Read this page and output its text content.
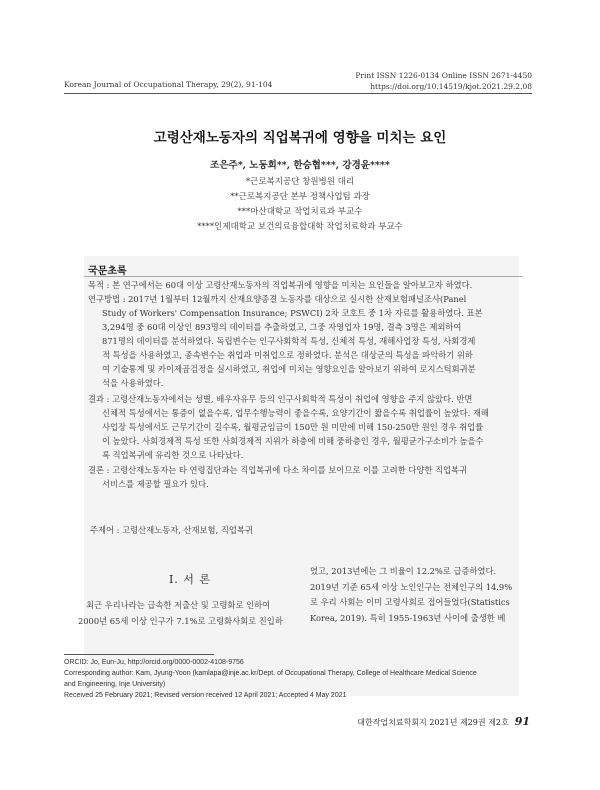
Korean Journal of Occupational Therapy, 29(2), 91-104
Print ISSN 1226-0134 Online ISSN 2671-4450
https://doi.org/10.14519/kjot.2021.29.2.08
고령산재노동자의 직업복귀에 영향을 미치는 요인
조은주*, 노동희**, 한승협***, 강경윤****
*근로복지공단 창원병원 대리
**근로복지공단 본부 정책사업팀 과장
***마산대학교 작업치료과 부교수
****인제대학교 보건의료융합대학 작업치료학과 부교수
국문초록
목적 : 본 연구에서는 60대 이상 고령산재노동자의 직업복귀에 영향을 미치는 요인들을 알아보고자 하였다.
연구방법 : 2017년 1월부터 12월까지 산재요양종결 노동자를 대상으로 실시한 산재보험패널조사(Panel
Study of Workers' Compensation Insurance; PSWCI) 2차 코호트 중 1차 자료를 활용하였다. 표본
3,294명 중 60대 이상인 893명의 데이터를 추출하였고, 그중 자영업자 19명, 결측 3명은 제외하여
871명의 데이터를 분석하였다. 독립변수는 인구사회학적 특성, 신체적 특성, 재해사업장 특성, 사회경제
적 특성을 사용하였고, 종속변수는 취업과 미취업으로 정하였다. 분석은 대상군의 특성을 파악하기 위하
여 기술통계 및 카이제곱검정을 실시하였고, 취업에 미치는 영향요인을 알아보기 위하여 로지스틱회귀분
석을 사용하였다.
결과 : 고령산재노동자에서는 성별, 배우자유무 등의 인구사회학적 특성이 취업에 영향을 주지 않았다. 반면
신체적 특성에서는 통증이 없을수록, 업무수행능력이 좋을수록, 요양기간이 짧을수록 취업률이 높았다. 재해
사업장 특성에서도 근무기간이 길수록, 월평균임금이 150만 원 미만에 비해 150-250만 원인 경우 취업률
이 높았다. 사회경제적 특성 또한 사회경제적 지위가 하층에 비해 중하층인 경우, 월평균가구소비가 높을수
록 직업복귀에 유리한 것으로 나타났다.
결론 : 고령산재노동자는 타 연령집단과는 직업복귀에 다소 차이를 보이므로 이를 고려한 다양한 직업복귀
서비스를 제공할 필요가 있다.
주제어 : 고령산재노동자, 산재보험, 직업복귀
Ⅰ. 서 론
최근 우리나라는 급속한 저출산 및 고령화로 인하여
2000년 65세 이상 인구가 7.1%로 고령화사회로 진입하
였고, 2013년에는 그 비율이 12.2%로 급증하였다.
2019년 기준 65세 이상 노인인구는 전체인구의 14.9%
로 우리 사회는 이미 고령사회로 접어들었다(Statistics
Korea, 2019). 특히 1955-1963년 사이에 출생한 베
ORCID: Jo, Eun-Ju, http://orcid.org/0000-0002-4108-9756
Corresponding author: Kam, Jyung-Yoon (kamlapa@inje.ac.kr/Dept. of Occupational Therapy, College of Healthcare Medical Science
and Engineering, Inje University)
Received 25 February 2021; Revised version received 12 April 2021; Accepted 4 May 2021
대한작업치료학회지 2021년 제29권 제2호 91
